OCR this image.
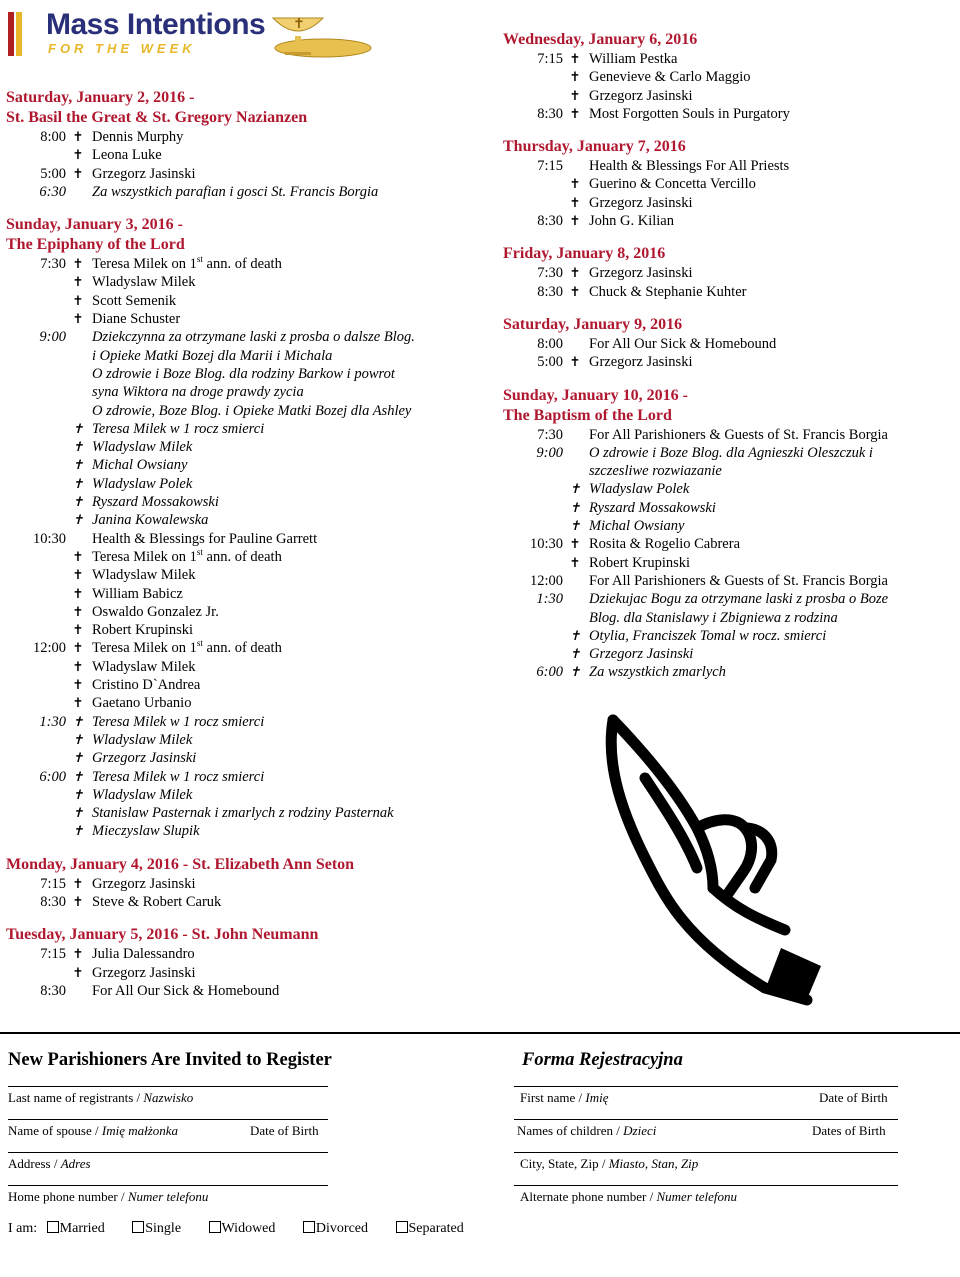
Mass Intentions
FOR THE WEEK
✝
Saturday, January 2, 2016 -
St. Basil the Great & St. Gregory Nazianzen
8:00 ✝ Dennis Murphy
✝ Leona Luke
5:00 ✝ Grzegorz Jasinski
6:30 Za wszystkich parafian i gosci St. Francis Borgia
Sunday, January 3, 2016 -
The Epiphany of the Lord
7:30 ✝ Teresa Milek on 1st ann. of death
✝ Wladyslaw Milek
✝ Scott Semenik
✝ Diane Schuster
9:00 Dziekczynna za otrzymane laski z prosba o dalsze Blog.
i Opieke Matki Bozej dla Marii i Michala
O zdrowie i Boze Blog. dla rodziny Barkow i powrot
syna Wiktora na droge prawdy zycia
O zdrowie, Boze Blog. i Opieke Matki Bozej dla Ashley
✝ Teresa Milek w 1 rocz smierci
✝ Wladyslaw Milek
✝ Michal Owsiany
✝ Wladyslaw Polek
✝ Ryszard Mossakowski
✝ Janina Kowalewska
10:30 Health & Blessings for Pauline Garrett
✝ Teresa Milek on 1st ann. of death
✝ Wladyslaw Milek
✝ William Babicz
✝ Oswaldo Gonzalez Jr.
✝ Robert Krupinski
12:00 ✝ Teresa Milek on 1st ann. of death
✝ Wladyslaw Milek
✝ Cristino D`Andrea
✝ Gaetano Urbanio
1:30 ✝ Teresa Milek w 1 rocz smierci
✝ Wladyslaw Milek
✝ Grzegorz Jasinski
6:00 ✝ Teresa Milek w 1 rocz smierci
✝ Wladyslaw Milek
✝ Stanislaw Pasternak i zmarlych z rodziny Pasternak
✝ Mieczyslaw Slupik
Monday, January 4, 2016 - St. Elizabeth Ann Seton
7:15 ✝ Grzegorz Jasinski
8:30 ✝ Steve & Robert Caruk
Tuesday, January 5, 2016 - St. John Neumann
7:15 ✝ Julia Dalessandro
✝ Grzegorz Jasinski
8:30 For All Our Sick & Homebound
Wednesday, January 6, 2016
7:15 ✝ William Pestka
✝ Genevieve & Carlo Maggio
✝ Grzegorz Jasinski
8:30 ✝ Most Forgotten Souls in Purgatory
Thursday, January 7, 2016
7:15 Health & Blessings For All Priests
✝ Guerino & Concetta Vercillo
✝ Grzegorz Jasinski
8:30 ✝ John G. Kilian
Friday, January 8, 2016
7:30 ✝ Grzegorz Jasinski
8:30 ✝ Chuck & Stephanie Kuhter
Saturday, January 9, 2016
8:00 For All Our Sick & Homebound
5:00 ✝ Grzegorz Jasinski
Sunday, January 10, 2016 -
The Baptism of the Lord
7:30 For All Parishioners & Guests of St. Francis Borgia
9:00 O zdrowie i Boze Blog. dla Agnieszki Oleszczuk i
szczesliwe rozwiazanie
✝ Wladyslaw Polek
✝ Ryszard Mossakowski
✝ Michal Owsiany
10:30 ✝ Rosita & Rogelio Cabrera
✝ Robert Krupinski
12:00 For All Parishioners & Guests of St. Francis Borgia
1:30 Dziekujac Bogu za otrzymane laski z prosba o Boze
Blog. dla Stanislawy i Zbigniewa z rodzina
✝ Otylia, Franciszek Tomal w rocz. smierci
✝ Grzegorz Jasinski
6:00 ✝ Za wszystkich zmarlych
New Parishioners Are Invited to Register	Forma Rejestracyjna
Last name of registrants / Nazwisko
Name of spouse / Imię małżonka	Date of Birth
Address / Adres
Home phone number / Numer telefonu
First name / Imię	Date of Birth
Names of children / Dzieci	Dates of Birth
City, State, Zip / Miasto, Stan, Zip
Alternate phone number / Numer telefonu
I am: Married	Single	Widowed	Divorced	Separated
